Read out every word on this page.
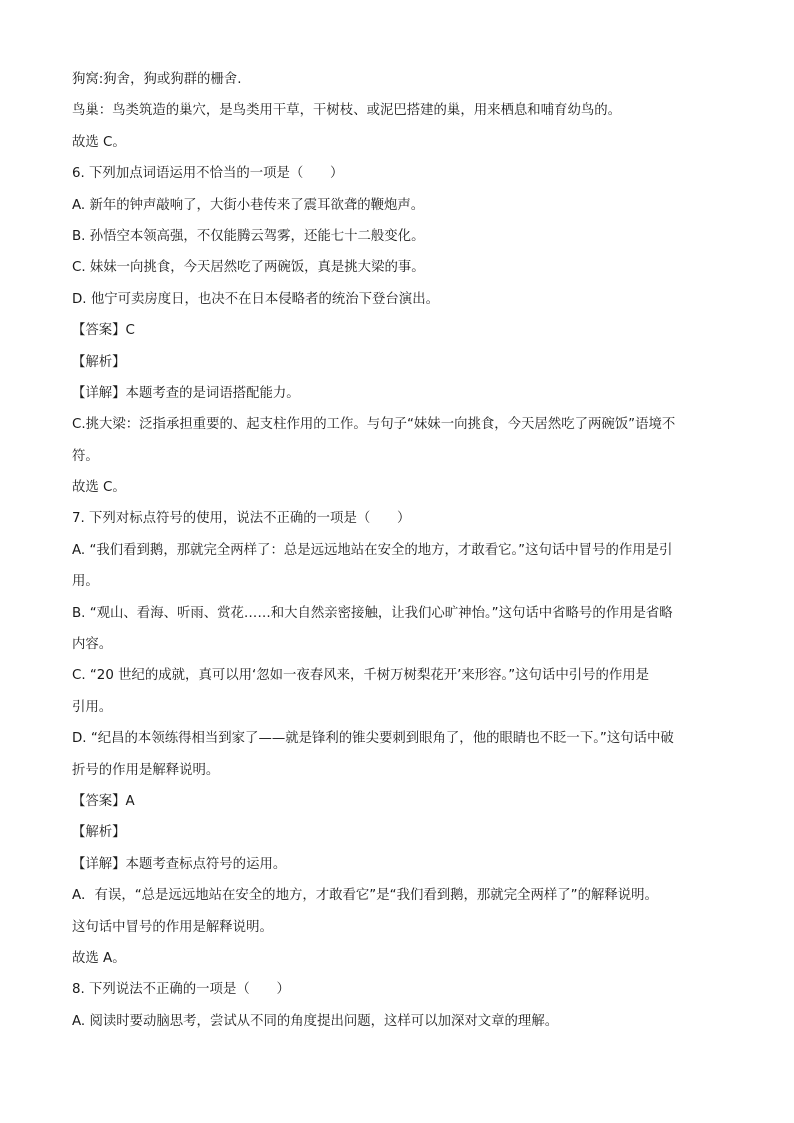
狗窝:狗舍，狗或狗群的栅舍.
鸟巢：鸟类筑造的巢穴，是鸟类用干草，干树枝、或泥巴搭建的巢，用来栖息和哺育幼鸟的。
故选 C。
6. 下列加点词语运用不恰当的一项是（　　）
A. 新年的钟声敲响了，大街小巷传来了震耳欲聋的鞭炮声。
B. 孙悟空本领高强，不仅能腾云驾雾，还能七十二般变化。
C. 妹妹一向挑食，今天居然吃了两碗饭，真是挑大梁的事。
D. 他宁可卖房度日，也决不在日本侵略者的统治下登台演出。
【答案】C
【解析】
【详解】本题考查的是词语搭配能力。
C.挑大梁：泛指承担重要的、起支柱作用的工作。与句子“妹妹一向挑食，今天居然吃了两碗饭”语境不
符。
故选 C。
7. 下列对标点符号的使用，说法不正确的一项是（　　）
A. “我们看到鹅，那就完全两样了：总是远远地站在安全的地方，才敢看它。”这句话中冒号的作用是引
用。
B. “观山、看海、听雨、赏花……和大自然亲密接触，让我们心旷神怡。”这句话中省略号的作用是省略
内容。
C. “20 世纪的成就，真可以用‘忽如一夜春风来，千树万树梨花开’来形容。”这句话中引号的作用是
引用。
D. “纪昌的本领练得相当到家了——就是锋利的锥尖要刺到眼角了，他的眼睛也不眨一下。”这句话中破
折号的作用是解释说明。
【答案】A
【解析】
【详解】本题考查标点符号的运用。
A．有误，“总是远远地站在安全的地方，才敢看它”是“我们看到鹅，那就完全两样了”的解释说明。
这句话中冒号的作用是解释说明。
故选 A。
8. 下列说法不正确的一项是（　　）
A. 阅读时要动脑思考，尝试从不同的角度提出问题，这样可以加深对文章的理解。
